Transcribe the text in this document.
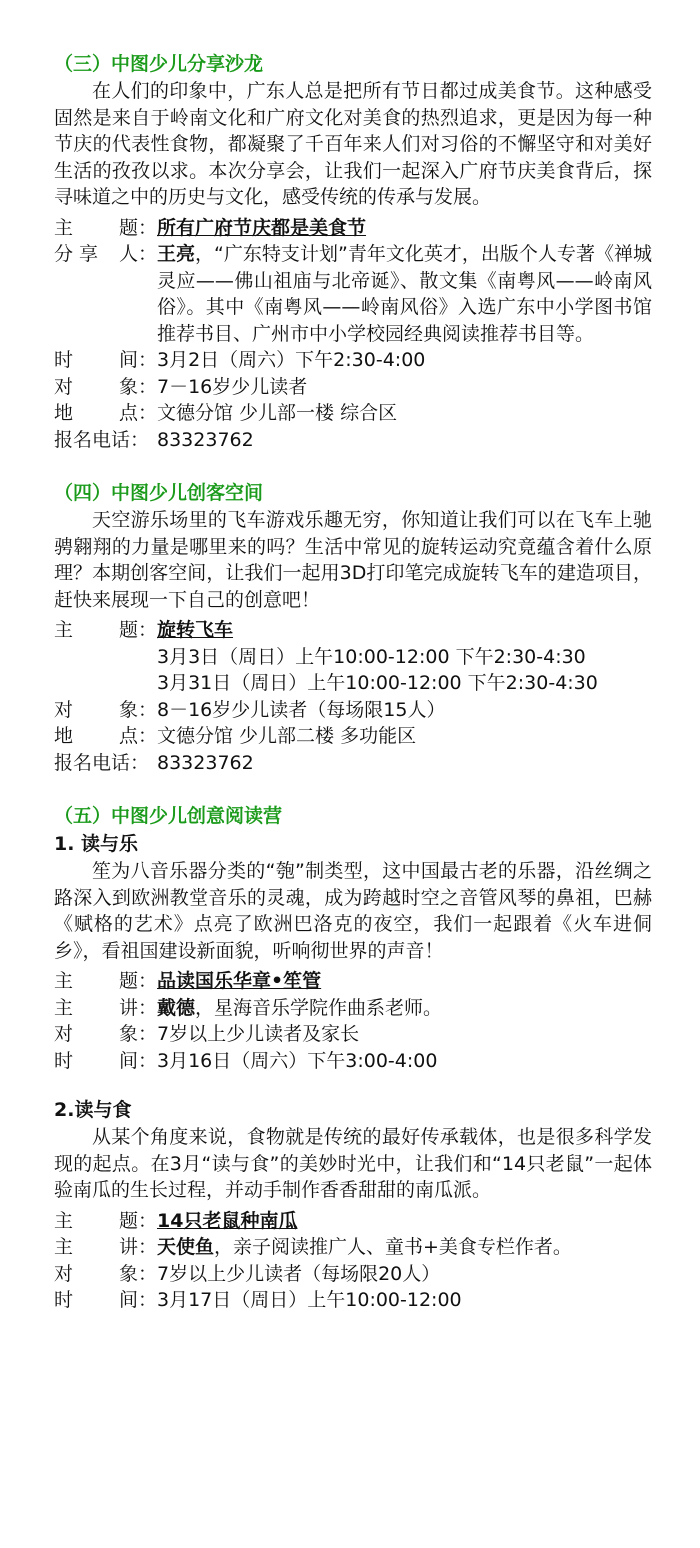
（三）中图少儿分享沙龙

在人们的印象中，广东人总是把所有节日都过成美食节。这种感受固然是来自于岭南文化和广府文化对美食的热烈追求，更是因为每一种节庆的代表性食物，都凝聚了千百年来人们对习俗的不懈坚守和对美好生活的孜孜以求。本次分享会，让我们一起深入广府节庆美食背后，探寻味道之中的历史与文化，感受传统的传承与发展。

主 题： 所有广府节庆都是美食节
分 享 人： 王亮，“广东特支计划”青年文化英才，出版个人专著《禅城灵应——佛山祖庙与北帝诞》、散文集《南粤风——岭南风俗》。其中《南粤风——岭南风俗》入选广东中小学图书馆推荐书目、广州市中小学校园经典阅读推荐书目等。
时 间： 3月2日（周六）下午2:30-4:00
对 象： 7－16岁少儿读者
地 点： 文德分馆 少儿部一楼 综合区
报名电话： 83323762
（四）中图少儿创客空间

天空游乐场里的飞车游戏乐趣无穷，你知道让我们可以在飞车上驰骋翱翔的力量是哪里来的吗？生活中常见的旋转运动究竟蕴含着什么原理？本期创客空间，让我们一起用3D打印笔完成旋转飞车的建造项目，赶快来展现一下自己的创意吧！

主 题： 旋转飞车
3月3日（周日）上午10:00-12:00 下午2:30-4:30
3月31日（周日）上午10:00-12:00 下午2:30-4:30
对 象： 8－16岁少儿读者（每场限15人）
地 点： 文德分馆 少儿部二楼 多功能区
报名电话： 83323762
（五）中图少儿创意阅读营
1. 读与乐

笙为八音乐器分类的“匏”制类型，这中国最古老的乐器，沿丝绸之路深入到欧洲教堂音乐的灵魂，成为跨越时空之音管风琴的鼻祖，巴赫《赋格的艺术》点亮了欧洲巴洛克的夜空，我们一起跟着《火车进侗乡》，看祖国建设新面貌，听响彻世界的声音！

主 题： 品读国乐华章•笙管
主 讲： 戴德，星海音乐学院作曲系老师。
对 象： 7岁以上少儿读者及家长
时 间： 3月16日（周六）下午3:00-4:00
2.读与食

从某个角度来说，食物就是传统的最好传承载体，也是很多科学发现的起点。在3月“读与食”的美妙时光中，让我们和“14只老鼠”一起体验南瓜的生长过程，并动手制作香香甜甜的南瓜派。

主 题： 14只老鼠种南瓜
主 讲： 天使鱼，亲子阅读推广人、童书+美食专栏作者。
对 象： 7岁以上少儿读者（每场限20人）
时 间： 3月17日（周日）上午10:00-12:00
